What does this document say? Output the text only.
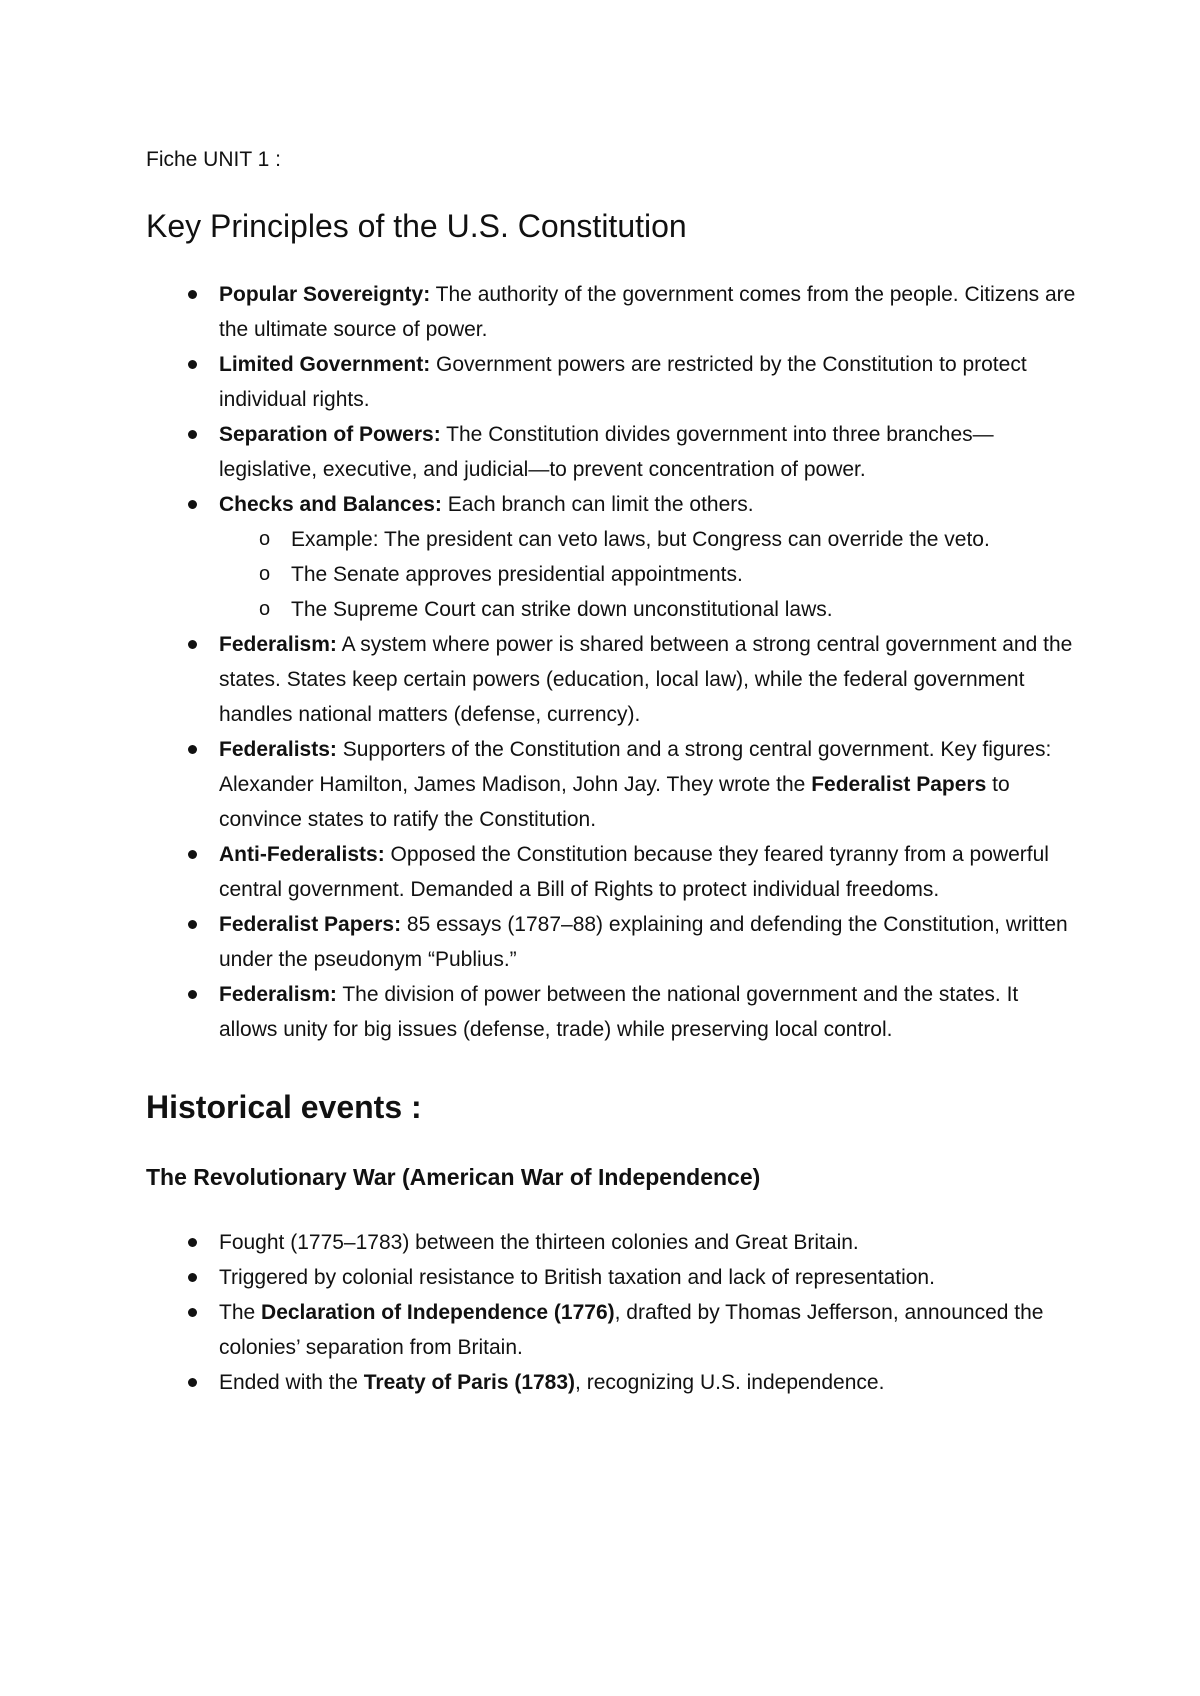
Fiche UNIT 1 :
Key Principles of the U.S. Constitution
Popular Sovereignty: The authority of the government comes from the people. Citizens are the ultimate source of power.
Limited Government: Government powers are restricted by the Constitution to protect individual rights.
Separation of Powers: The Constitution divides government into three branches—legislative, executive, and judicial—to prevent concentration of power.
Checks and Balances: Each branch can limit the others.
o Example: The president can veto laws, but Congress can override the veto.
o The Senate approves presidential appointments.
o The Supreme Court can strike down unconstitutional laws.
Federalism: A system where power is shared between a strong central government and the states. States keep certain powers (education, local law), while the federal government handles national matters (defense, currency).
Federalists: Supporters of the Constitution and a strong central government. Key figures: Alexander Hamilton, James Madison, John Jay. They wrote the Federalist Papers to convince states to ratify the Constitution.
Anti-Federalists: Opposed the Constitution because they feared tyranny from a powerful central government. Demanded a Bill of Rights to protect individual freedoms.
Federalist Papers: 85 essays (1787–88) explaining and defending the Constitution, written under the pseudonym “Publius.”
Federalism: The division of power between the national government and the states. It allows unity for big issues (defense, trade) while preserving local control.
Historical events :
The Revolutionary War (American War of Independence)
Fought (1775–1783) between the thirteen colonies and Great Britain.
Triggered by colonial resistance to British taxation and lack of representation.
The Declaration of Independence (1776), drafted by Thomas Jefferson, announced the colonies’ separation from Britain.
Ended with the Treaty of Paris (1783), recognizing U.S. independence.
